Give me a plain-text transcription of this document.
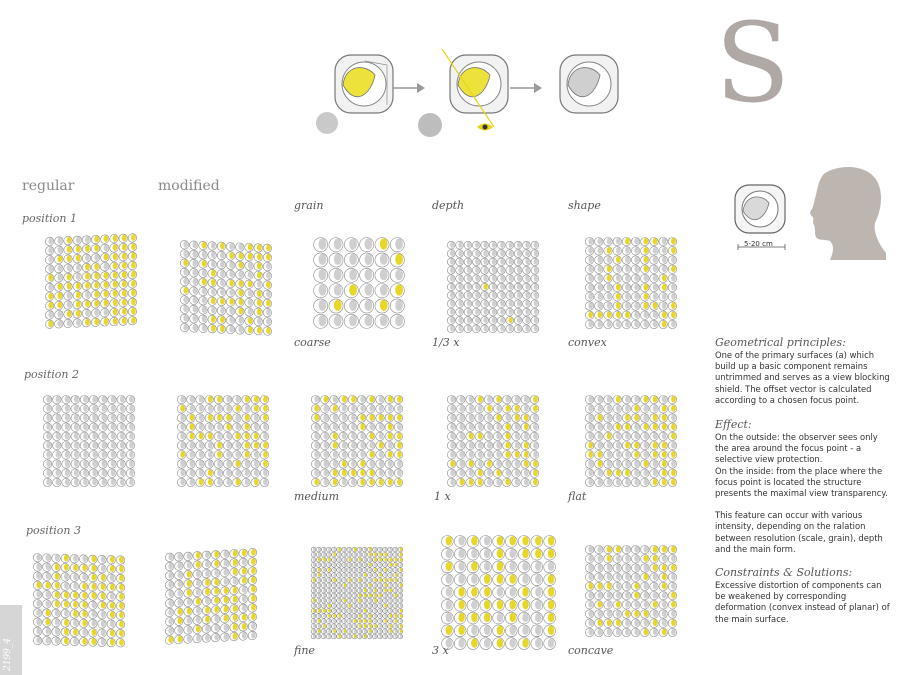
S
regular	modified
grain	depth	shape
position 1
position 2
position 3
coarse	1/3 x	convex
medium	1 x	flat
fine	3 x	concave
5-20 cm
Geometrical principles:

One of the primary surfaces (a) which build up a basic component remains untrimmed and serves as a view blocking shield. The offset vector is calculated according to a chosen focus point.

Effect:

On the outside: the observer sees only the area around the focus point - a selective view protection.

On the inside: from the place where the focus point is located the structure presents the maximal view transparency.

This feature can occur with various intensity, depending on the ralation between resolution (scale, grain), depth and the main form.

Constraints & Solutions:

Excessive distortion of components can be weakened by corresponding deformation (convex instead of planar) of the main surface.

2199_4
